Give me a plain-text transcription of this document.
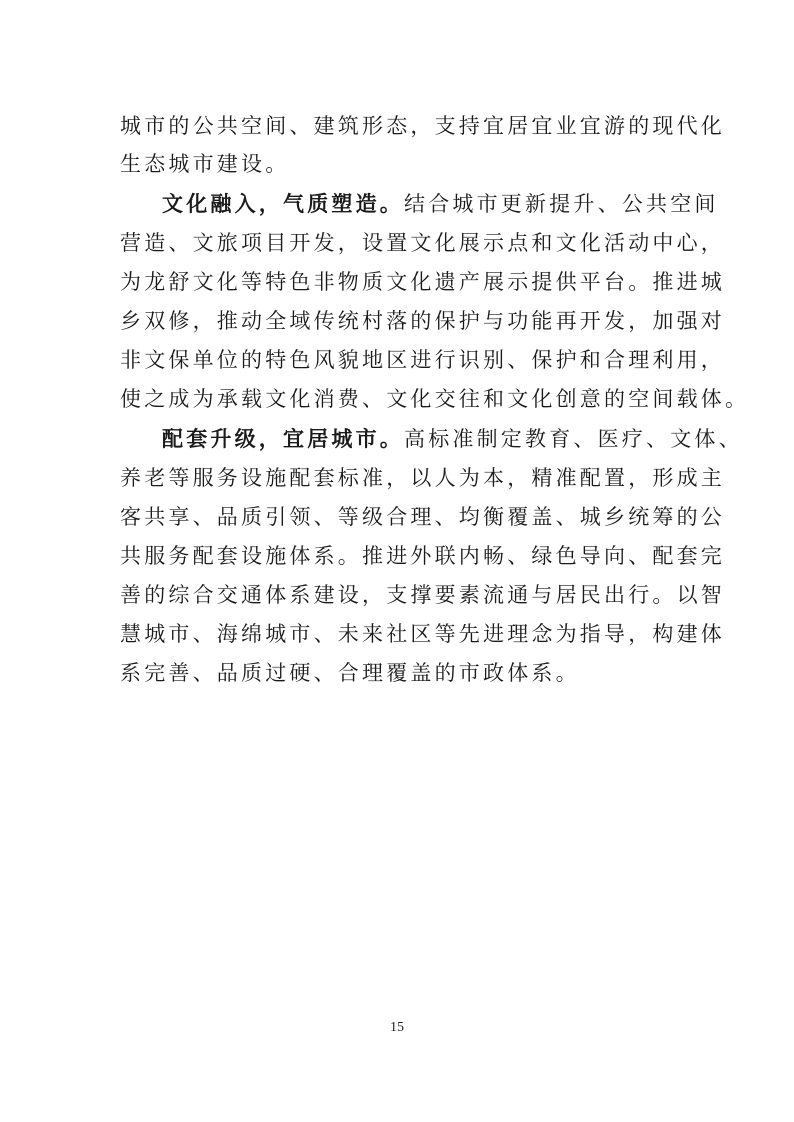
城市的公共空间、建筑形态，支持宜居宜业宜游的现代化
生态城市建设。
文化融入，气质塑造。结合城市更新提升、公共空间
营造、文旅项目开发，设置文化展示点和文化活动中心，
为龙舒文化等特色非物质文化遗产展示提供平台。推进城
乡双修，推动全域传统村落的保护与功能再开发，加强对
非文保单位的特色风貌地区进行识别、保护和合理利用，
使之成为承载文化消费、文化交往和文化创意的空间载体。
配套升级，宜居城市。高标准制定教育、医疗、文体、
养老等服务设施配套标准，以人为本，精准配置，形成主
客共享、品质引领、等级合理、均衡覆盖、城乡统筹的公
共服务配套设施体系。推进外联内畅、绿色导向、配套完
善的综合交通体系建设，支撑要素流通与居民出行。以智
慧城市、海绵城市、未来社区等先进理念为指导，构建体
系完善、品质过硬、合理覆盖的市政体系。
15
